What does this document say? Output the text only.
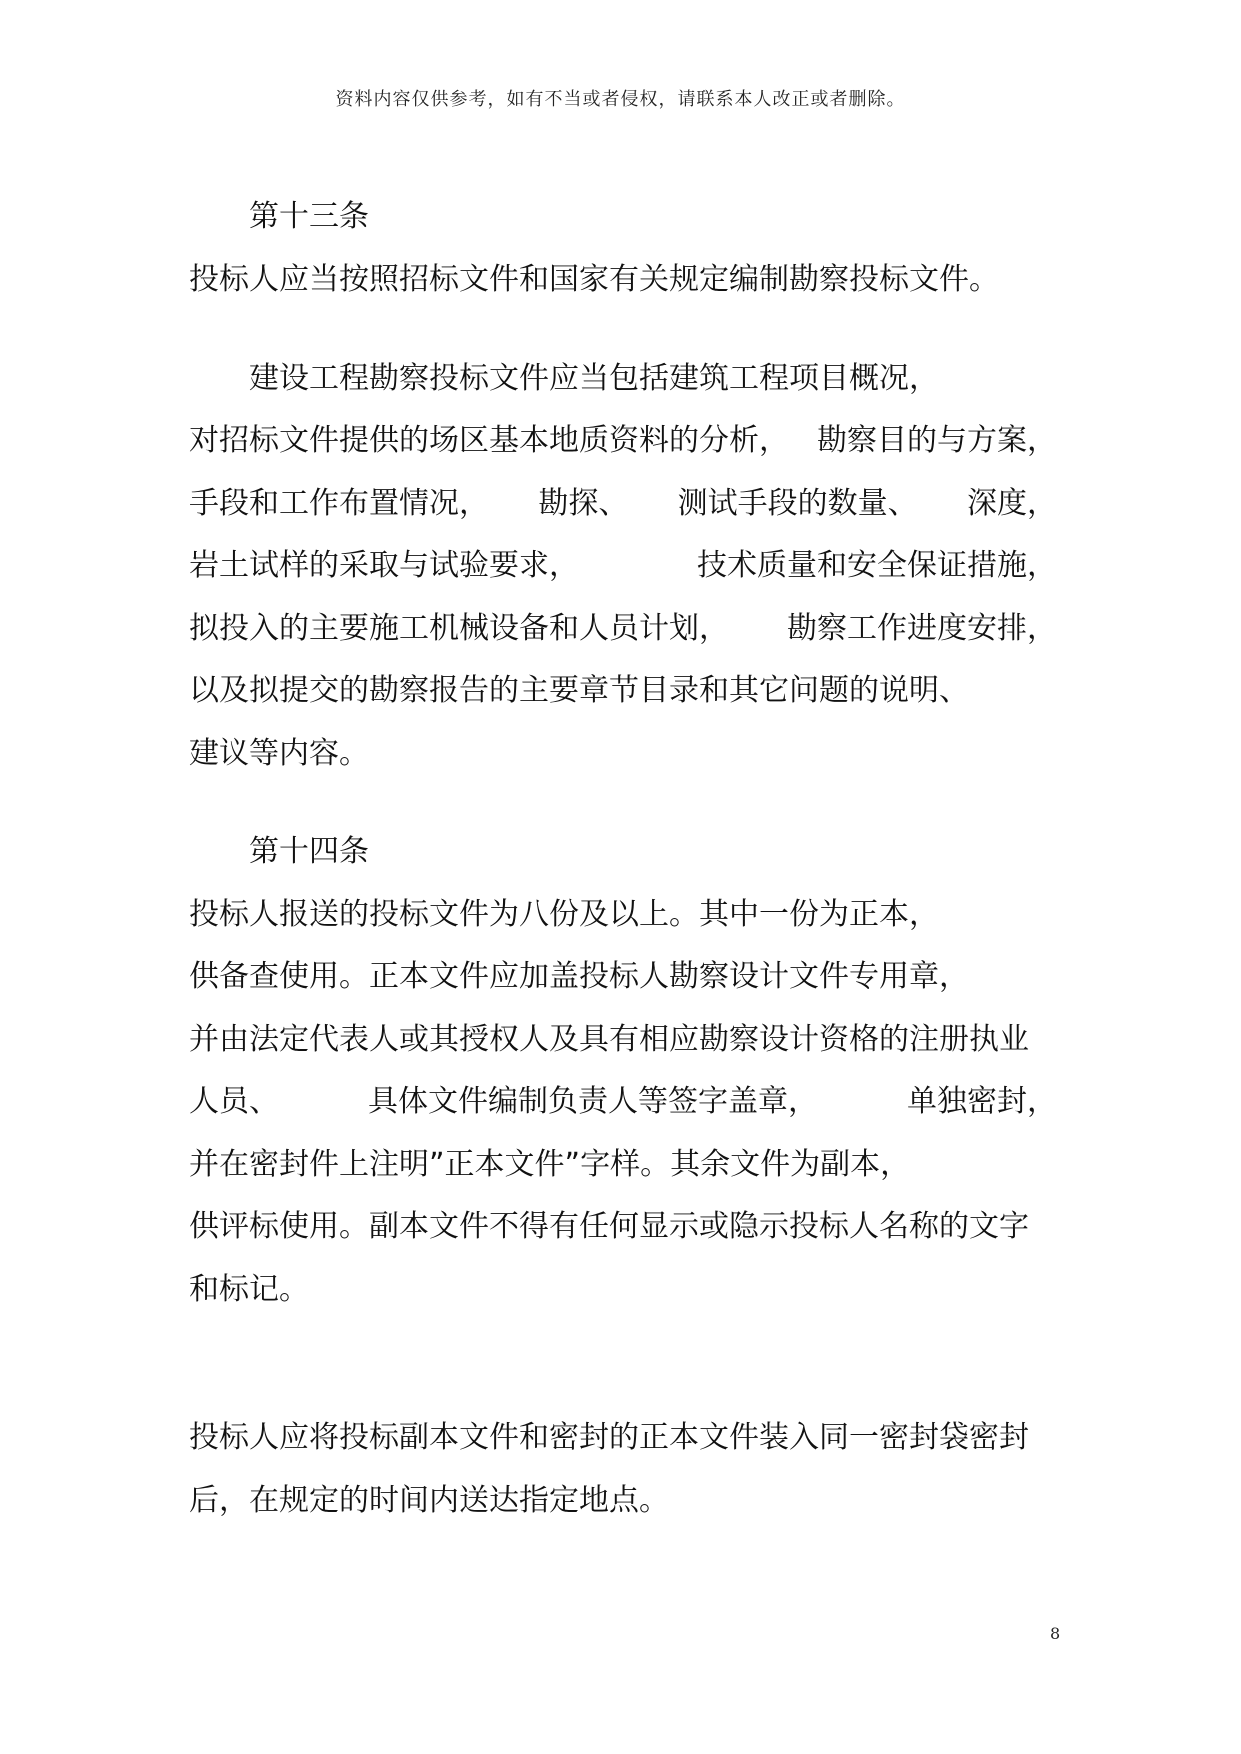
资料内容仅供参考，如有不当或者侵权，请联系本人改正或者删除。
第十三条
投标人应当按照招标文件和国家有关规定编制勘察投标文件。
建设工程勘察投标文件应当包括建筑工程项目概况，
对招标文件提供的场区基本地质资料的分析， 勘察目的与方案，
手段和工作布置情况， 勘探、 测试手段的数量、 深度，
岩土试样的采取与试验要求，	技术质量和安全保证措施，
拟投入的主要施工机械设备和人员计划， 勘察工作进度安排，
以及拟提交的勘察报告的主要章节目录和其它问题的说明、
建议等内容。
第十四条
投标人报送的投标文件为八份及以上。其中一份为正本，
供备查使用。正本文件应加盖投标人勘察设计文件专用章，
并由法定代表人或其授权人及具有相应勘察设计资格的注册执业
人员、	具体文件编制负责人等签字盖章，	单独密封，
并在密封件上注明”正本文件”字样。其余文件为副本，
供评标使用。副本文件不得有任何显示或隐示投标人名称的文字
和标记。
投标人应将投标副本文件和密封的正本文件装入同一密封袋密封
后，在规定的时间内送达指定地点。
8
